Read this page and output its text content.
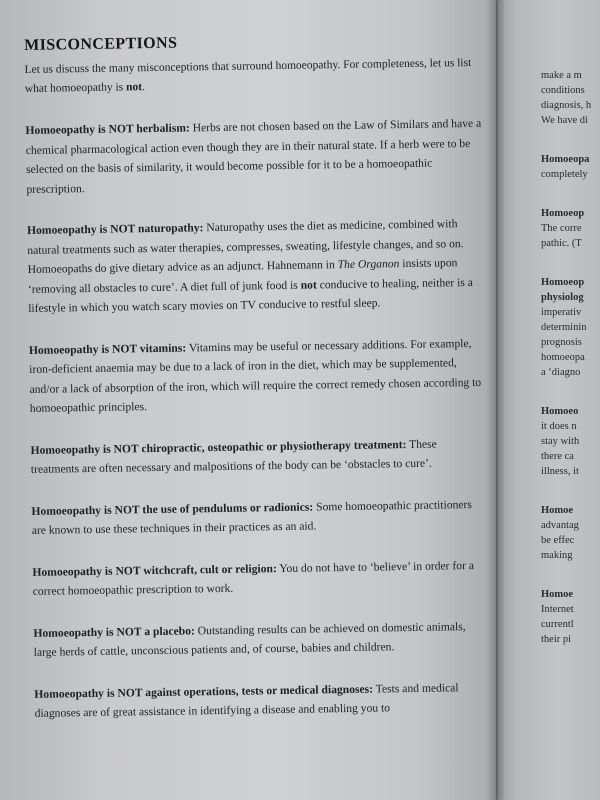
MISCONCEPTIONS

Let us discuss the many misconceptions that surround homoeopathy. For completeness, let us list what homoeopathy is not.

Homoeopathy is NOT herbalism: Herbs are not chosen based on the Law of Similars and have a chemical pharmacological action even though they are in their natural state. If a herb were to be selected on the basis of similarity, it would become possible for it to be a homoeopathic prescription.

Homoeopathy is NOT naturopathy: Naturopathy uses the diet as medicine, combined with natural treatments such as water therapies, compresses, sweating, lifestyle changes, and so on. Homoeopaths do give dietary advice as an adjunct. Hahnemann in The Organon insists upon ‘removing all obstacles to cure’. A diet full of junk food is not conducive to healing, neither is a lifestyle in which you watch scary movies on TV conducive to restful sleep.

Homoeopathy is NOT vitamins: Vitamins may be useful or necessary additions. For example, iron-deficient anaemia may be due to a lack of iron in the diet, which may be supplemented, and/or a lack of absorption of the iron, which will require the correct remedy chosen according to homoeopathic principles.

Homoeopathy is NOT chiropractic, osteopathic or physiotherapy treatment: These treatments are often necessary and malpositions of the body can be ‘obstacles to cure’.

Homoeopathy is NOT the use of pendulums or radionics: Some homoeopathic practitioners are known to use these techniques in their practices as an aid.

Homoeopathy is NOT witchcraft, cult or religion: You do not have to ‘believe’ in order for a correct homoeopathic prescription to work.

Homoeopathy is NOT a placebo: Outstanding results can be achieved on domestic animals, large herds of cattle, unconscious patients and, of course, babies and children.

Homoeopathy is NOT against operations, tests or medical diagnoses: Tests and medical diagnoses are of great assistance in identifying a disease and enabling you to

make a m
conditions
diagnosis, h
We have di
Homoeopa
completely
Homoeop
The corre
pathic. (T
Homoeop
physiolog
imperativ
determinin
prognosis
homoeopa
a ‘diagno
Homoeo
it does n
stay with
there ca
illness, it
Homoe
advantag
be effec
making
Homoe
Internet
currentl
their pi
